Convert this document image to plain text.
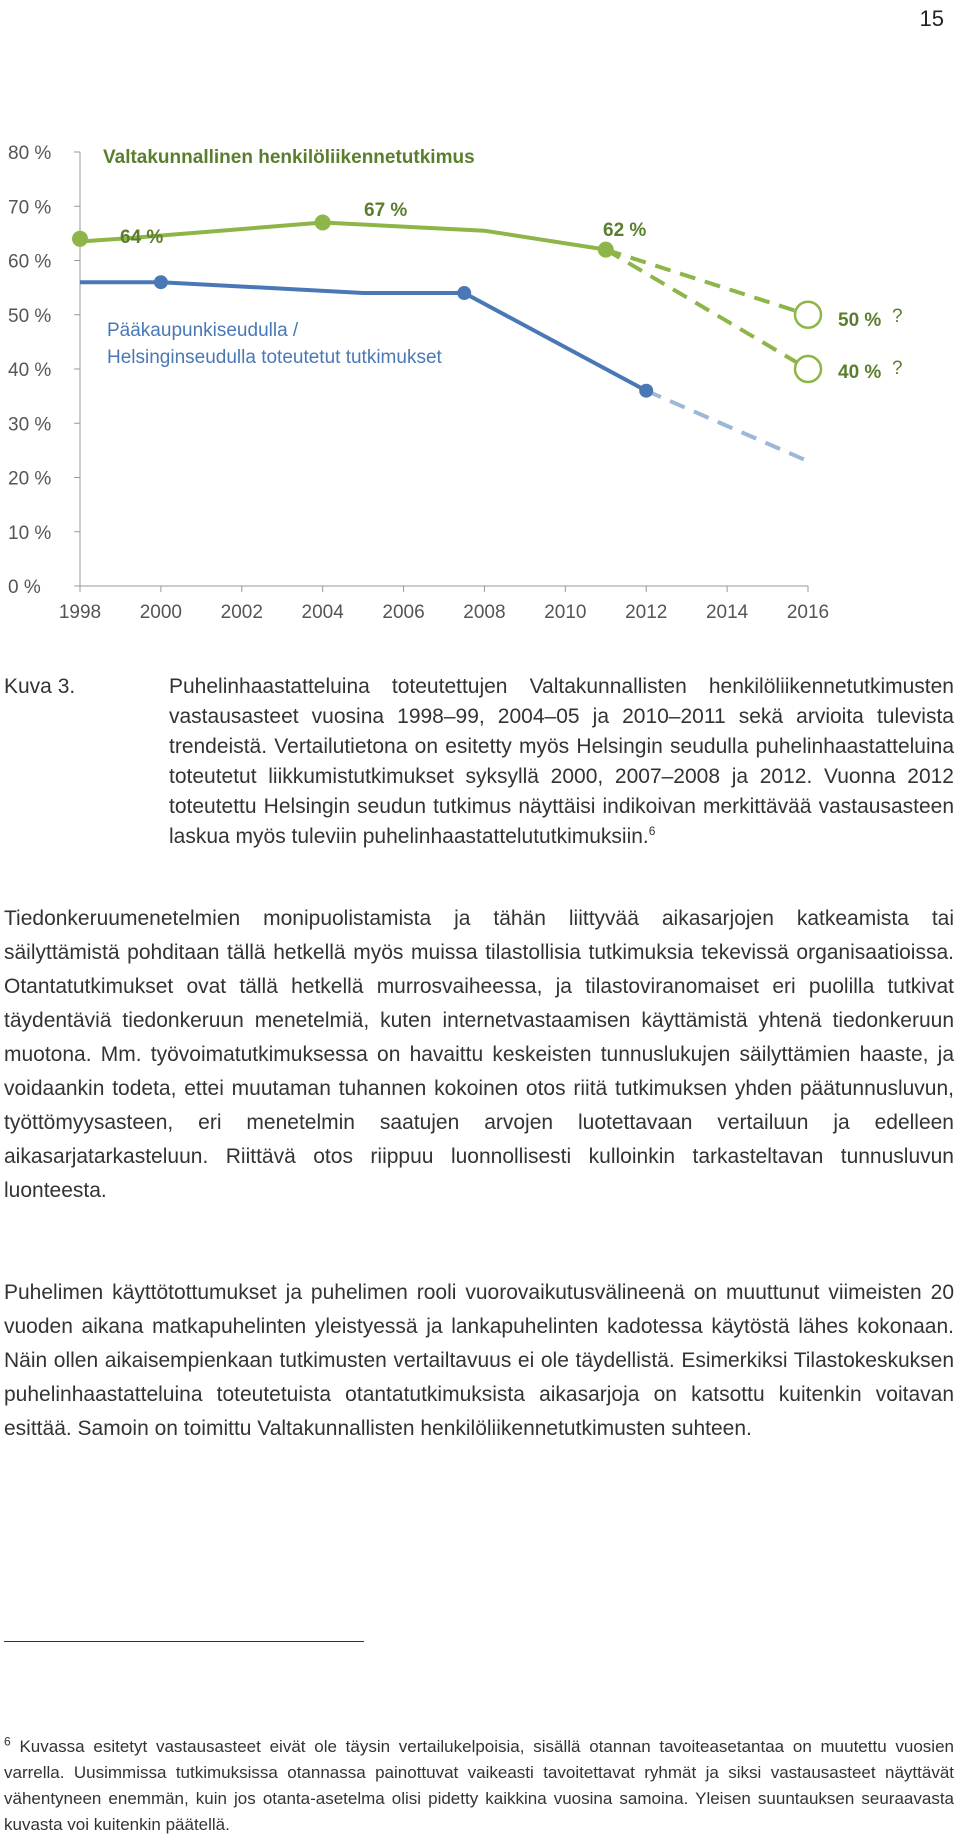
15
80 %
70 %
60 %
50 %
40 %
30 %
20 %
10 %
0 %
1998 2000 2002 2004 2006 2008 2010 2012 2014 2016
Valtakunnallinen henkilöliikennetutkimus
Pääkaupunkiseudulla /
Helsinginseudulla toteutetut tutkimukset
64 %
67 %
62 %
50 %
40 %
?
?
Kuva 3.	Puhelinhaastatteluina toteutettujen Valtakunnallisten henkilöliikennetutkimusten vastausasteet vuosina 1998–99, 2004–05 ja 2010–2011 sekä arvioita tulevista trendeistä. Vertailutietona on esitetty myös Helsingin seudulla puhelinhaastatteluina toteutetut liikkumistutkimukset syksyllä 2000, 2007–2008 ja 2012. Vuonna 2012 toteutettu Helsingin seudun tutkimus näyttäisi indikoivan merkittävää vastausasteen laskua myös tuleviin puhelinhaastattelututkimuksiin.$^6$

Tiedonkeruumenetelmien monipuolistamista ja tähän liittyvää aikasarjojen katkeamista tai säilyttämistä pohditaan tällä hetkellä myös muissa tilastollisia tutkimuksia tekevissä organisaatioissa. Otantatutkimukset ovat tällä hetkellä murrosvaiheessa, ja tilastoviranomaiset eri puolilla tutkivat täydentäviä tiedonkeruun menetelmiä, kuten internetvastaamisen käyttämistä yhtenä tiedonkeruun muotona. Mm. työvoimatutkimuksessa on havaittu keskeisten tunnuslukujen säilyttämien haaste, ja voidaankin todeta, ettei muutaman tuhannen kokoinen otos riitä tutkimuksen yhden päätunnusluvun, työttömyysasteen, eri menetelmin saatujen arvojen luotettavaan vertailuun ja edelleen aikasarjatarkasteluun. Riittävä otos riippuu luonnollisesti kulloinkin tarkasteltavan tunnusluvun luonteesta.

Puhelimen käyttötottumukset ja puhelimen rooli vuorovaikutusvälineenä on muuttunut viimeisten 20 vuoden aikana matkapuhelinten yleistyessä ja lankapuhelinten kadotessa käytöstä lähes kokonaan. Näin ollen aikaisempienkaan tutkimusten vertailtavuus ei ole täydellistä. Esimerkiksi Tilastokeskuksen puhelinhaastatteluina toteutetuista otantatutkimuksista aikasarjoja on katsottu kuitenkin voitavan esittää. Samoin on toimittu Valtakunnallisten henkilöliikennetutkimusten suhteen.

$^6$ Kuvassa esitetyt vastausasteet eivät ole täysin vertailukelpoisia, sisällä otannan tavoiteasetantaa on muutettu vuosien varrella. Uusimmissa tutkimuksissa otannassa painottuvat vaikeasti tavoitettavat ryhmät ja siksi vastausasteet näyttävät vähentyneen enemmän, kuin jos otanta-asetelma olisi pidetty kaikkina vuosina samoina. Yleisen suuntauksen seuraavasta kuvasta voi kuitenkin päätellä.
